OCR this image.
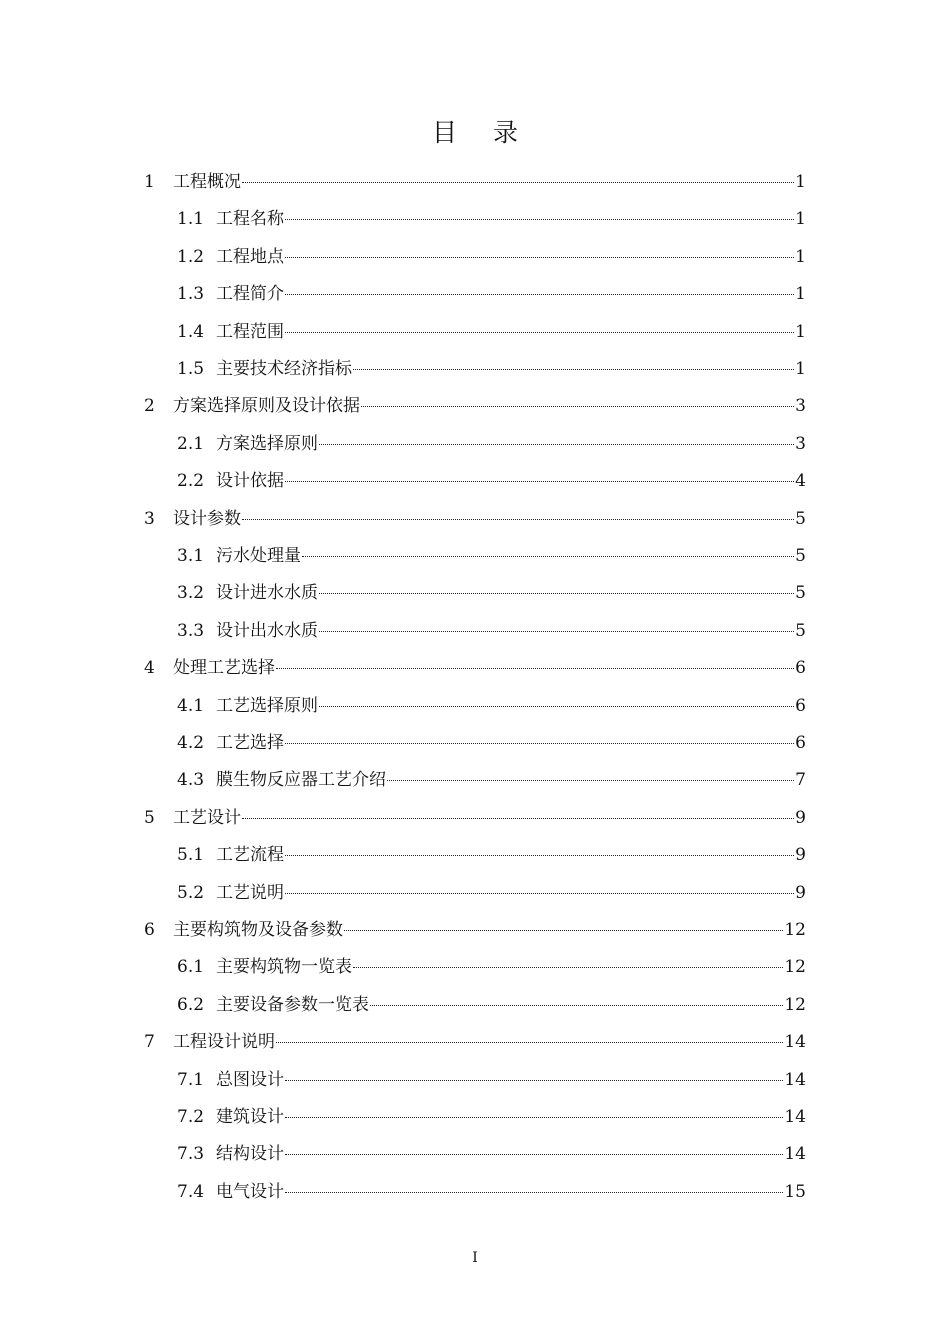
目 录
1	工程概况	1
1.1 工程名称	1
1.2 工程地点	1
1.3 工程简介	1
1.4 工程范围	1
1.5 主要技术经济指标	1
2	方案选择原则及设计依据	3
2.1 方案选择原则	3
2.2 设计依据	4
3	设计参数	5
3.1 污水处理量	5
3.2 设计进水水质	5
3.3 设计出水水质	5
4	处理工艺选择	6
4.1 工艺选择原则	6
4.2 工艺选择	6
4.3 膜生物反应器工艺介绍	7
5	工艺设计	9
5.1 工艺流程	9
5.2 工艺说明	9
6	主要构筑物及设备参数	12
6.1 主要构筑物一览表	12
6.2 主要设备参数一览表	12
7	工程设计说明	14
7.1 总图设计	14
7.2 建筑设计	14
7.3 结构设计	14
7.4 电气设计	15
I
